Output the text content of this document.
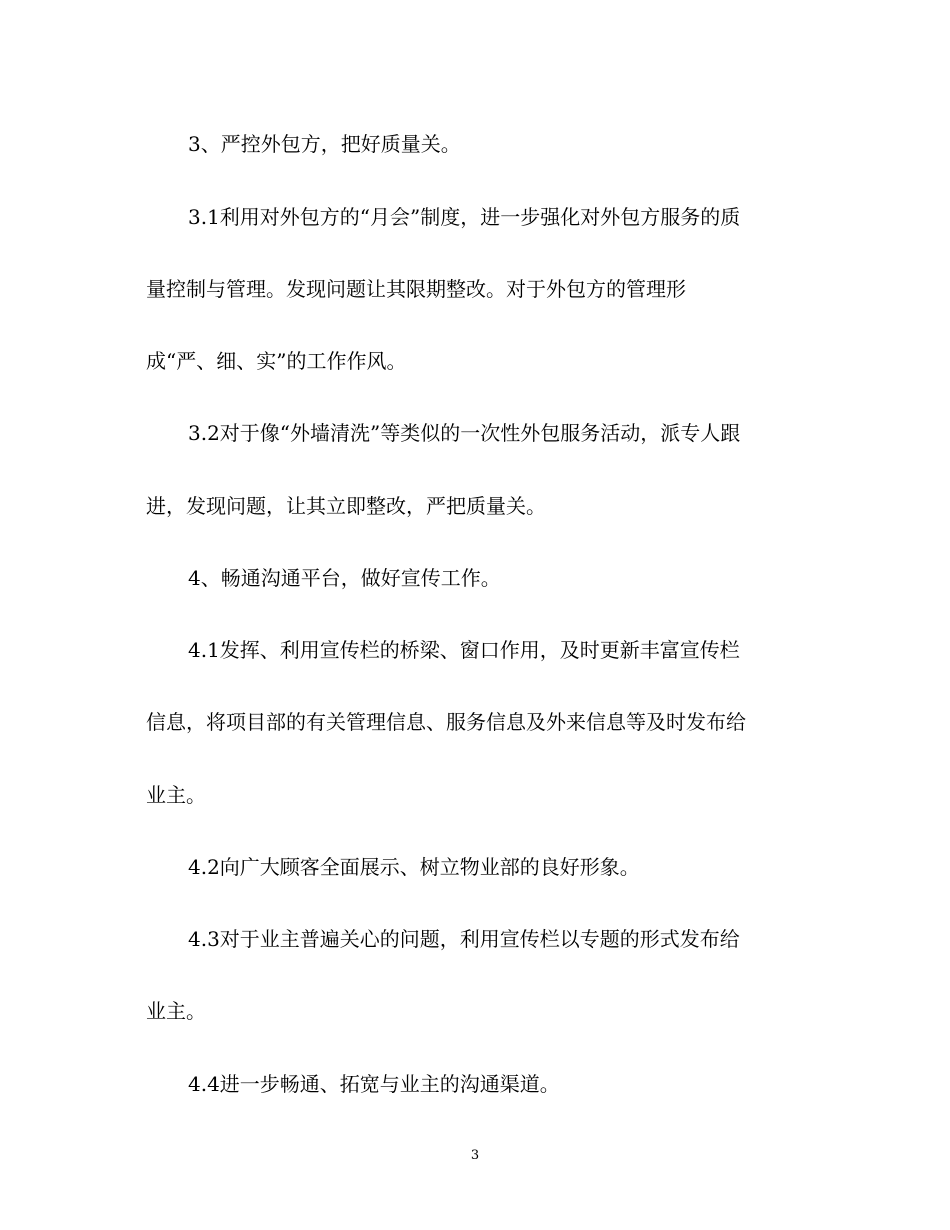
3、严控外包方，把好质量关。
3.1利用对外包方的“月会”制度，进一步强化对外包方服务的质
量控制与管理。发现问题让其限期整改。对于外包方的管理形
成“严、细、实”的工作作风。
3.2对于像“外墙清洗”等类似的一次性外包服务活动，派专人跟
进，发现问题，让其立即整改，严把质量关。
4、畅通沟通平台，做好宣传工作。
4.1发挥、利用宣传栏的桥梁、窗口作用，及时更新丰富宣传栏
信息，将项目部的有关管理信息、服务信息及外来信息等及时发布给
业主。
4.2向广大顾客全面展示、树立物业部的良好形象。
4.3对于业主普遍关心的问题，利用宣传栏以专题的形式发布给
业主。
4.4进一步畅通、拓宽与业主的沟通渠道。
3
